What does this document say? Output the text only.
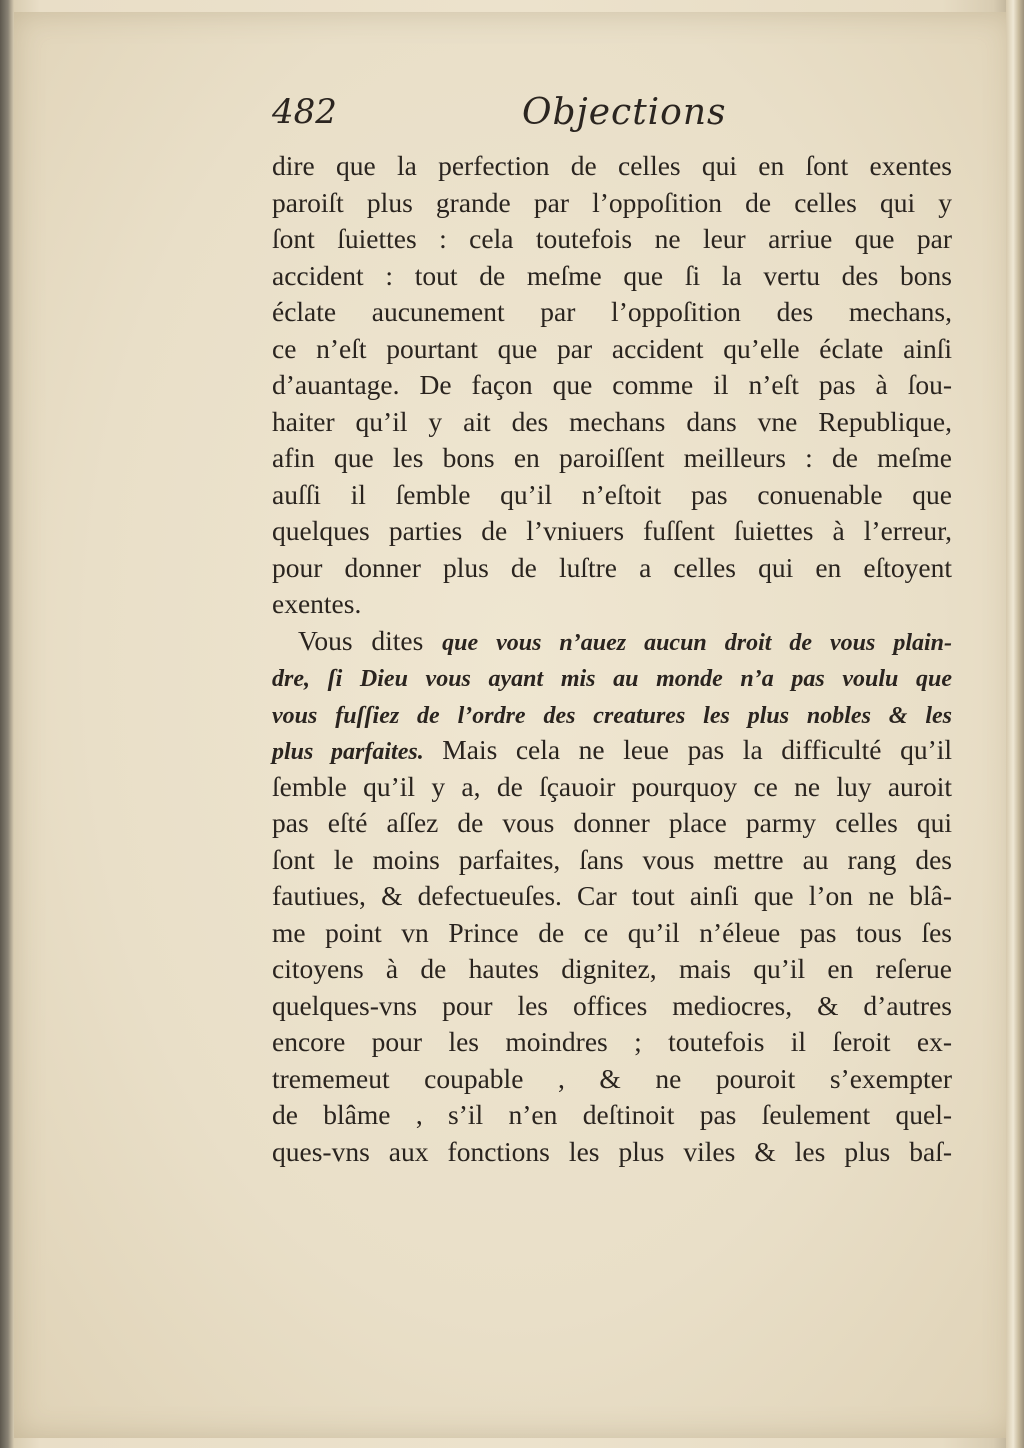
482	Objections
dire que la perfection de celles qui en ſont exentes
paroiſt plus grande par l’oppoſition de celles qui y
ſont ſuiettes : cela toutefois ne leur arriue que par
accident : tout de meſme que ſi la vertu des bons
éclate aucunement par l’oppoſition des mechans,
ce n’eſt pourtant que par accident qu’elle éclate ainſi
d’auantage. De façon que comme il n’eſt pas à ſou-
haiter qu’il y ait des mechans dans vne Republique,
afin que les bons en paroiſſent meilleurs : de meſme
auſſi il ſemble qu’il n’eſtoit pas conuenable que
quelques parties de l’vniuers fuſſent ſuiettes à l’erreur,
pour donner plus de luſtre a celles qui en eſtoyent
exentes.
Vous dites que vous n’auez aucun droit de vous plain-
dre, ſi Dieu vous ayant mis au monde n’a pas voulu que
vous fuſſiez de l’ordre des creatures les plus nobles & les
plus parfaites. Mais cela ne leue pas la difficulté qu’il
ſemble qu’il y a, de ſçauoir pourquoy ce ne luy auroit
pas eſté aſſez de vous donner place parmy celles qui
ſont le moins parfaites, ſans vous mettre au rang des
fautiues, & defectueuſes. Car tout ainſi que l’on ne blâ-
me point vn Prince de ce qu’il n’éleue pas tous ſes
citoyens à de hautes dignitez, mais qu’il en reſerue
quelques-vns pour les offices mediocres, & d’autres
encore pour les moindres ; toutefois il ſeroit ex-
trememeut coupable , & ne pouroit s’exempter
de blâme , s’il n’en deſtinoit pas ſeulement quel-
ques-vns aux fonctions les plus viles & les plus baſ-
